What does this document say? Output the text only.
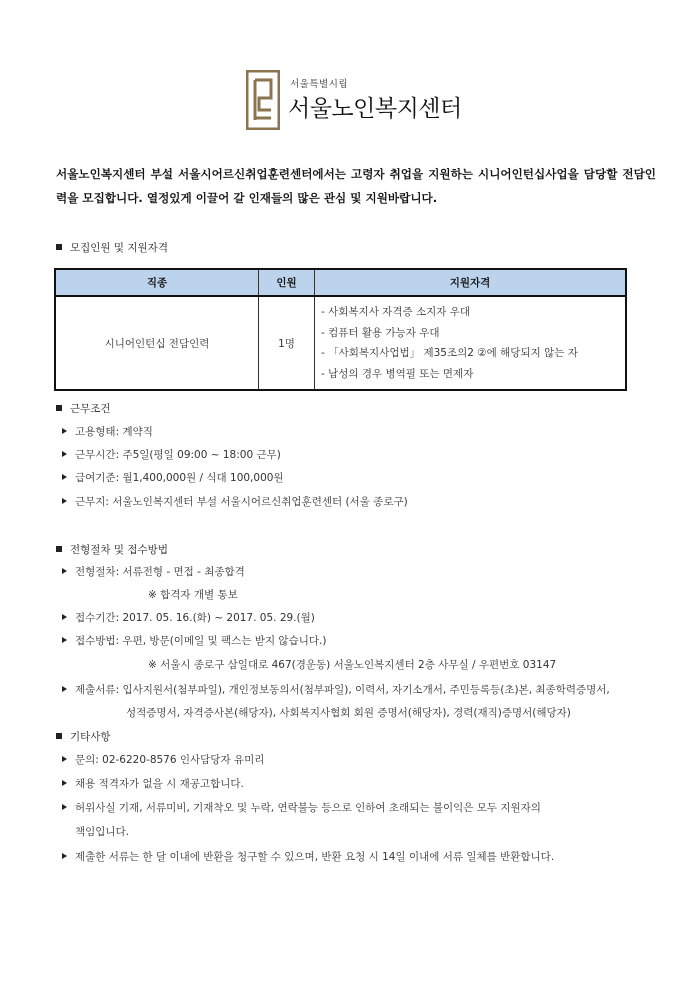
서울특별시립
서울노인복지센터
서울노인복지센터 부설 서울시어르신취업훈련센터에서는 고령자 취업을 지원하는 시니어인턴십사업을 담당할 전담인력을 모집합니다. 열정있게 이끌어 갈 인재들의 많은 관심 및 지원바랍니다.
모집인원 및 지원자격
직종	인원	지원자격
시니어인턴십 전담인력	1명	- 사회복지사 자격증 소지자 우대
- 컴퓨터 활용 가능자 우대
- 「사회복지사업법」 제35조의2 ②에 해당되지 않는 자
- 남성의 경우 병역필 또는 면제자
근무조건
고용형태: 계약직
근무시간: 주5일(평일 09:00 ~ 18:00 근무)
급여기준: 월1,400,000원 / 식대 100,000원
근무지: 서울노인복지센터 부설 서울시어르신취업훈련센터 (서울 종로구)
전형절차 및 접수방법
전형절차: 서류전형 - 면접 - 최종합격
※ 합격자 개별 통보
접수기간: 2017. 05. 16.(화) ~ 2017. 05. 29.(월)
접수방법: 우편, 방문(이메일 및 팩스는 받지 않습니다.)
※ 서울시 종로구 삼일대로 467(경운동) 서울노인복지센터 2층 사무실 / 우편번호 03147
제출서류: 입사지원서(첨부파일), 개인정보동의서(첨부파일), 이력서, 자기소개서, 주민등록등(초)본, 최종학력증명서,
성적증명서, 자격증사본(해당자), 사회복지사협회 회원 증명서(해당자), 경력(재직)증명서(해당자)
기타사항
문의: 02-6220-8576 인사담당자 유미리
채용 적격자가 없을 시 재공고합니다.
허위사실 기재, 서류미비, 기재착오 및 누락, 연락불능 등으로 인하여 초래되는 불이익은 모두 지원자의
책임입니다.
제출한 서류는 한 달 이내에 반환을 청구할 수 있으며, 반환 요청 시 14일 이내에 서류 일체를 반환합니다.
